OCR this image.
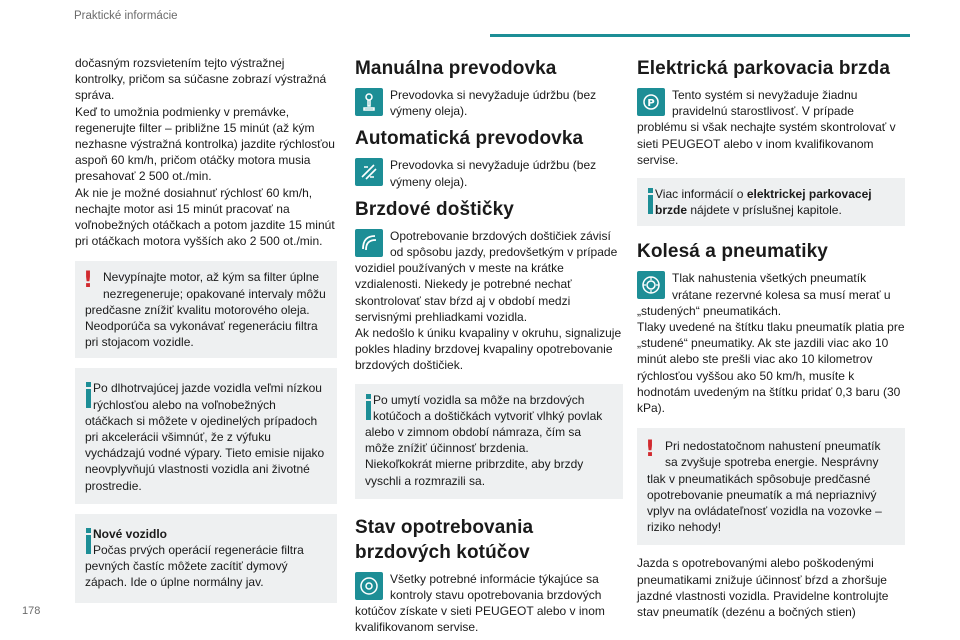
Praktické informácie

dočasným rozsvietením tejto výstražnej kontrolky, pričom sa súčasne zobrazí výstražná správa.

Keď to umožnia podmienky v premávke, regenerujte filter – približne 15 minút (až kým nezhasne výstražná kontrolka) jazdite rýchlosťou aspoň 60 km/h, pričom otáčky motora musia presahovať 2 500 ot./min.

Ak nie je možné dosiahnuť rýchlosť 60 km/h, nechajte motor asi 15 minút pracovať na voľnobežných otáčkach a potom jazdite 15 minút pri otáčkach motora vyšších ako 2 500 ot./min.

! Nevypínajte motor, až kým sa filter úplne nezregeneruje; opakované intervaly môžu predčasne znížiť kvalitu motorového oleja.
Neodporúča sa vykonávať regeneráciu filtra pri stojacom vozidle.
Po dlhotrvajúcej jazde vozidla veľmi nízkou rýchlosťou alebo na voľnobežných otáčkach si môžete v ojedinelých prípadoch pri akcelerácii všimnúť, že z výfuku vychádzajú vodné výpary. Tieto emisie nijako neovplyvňujú vlastnosti vozidla ani životné prostredie.
Nové vozidlo
Počas prvých operácií regenerácie filtra pevných častíc môžete zacítiť dymový zápach. Ide o úplne normálny jav.
Manuálna prevodovka

Prevodovka si nevyžaduje údržbu (bez výmeny oleja).

Automatická prevodovka

Prevodovka si nevyžaduje údržbu (bez výmeny oleja).

Brzdové doštičky

Opotrebovanie brzdových doštičiek závisí od spôsobu jazdy, predovšetkým v prípade vozidiel používaných v meste na krátke vzdialenosti. Niekedy je potrebné nechať skontrolovať stav bŕzd aj v období medzi servisnými prehliadkami vozidla.

Ak nedošlo k úniku kvapaliny v okruhu, signalizuje pokles hladiny brzdovej kvapaliny opotrebovanie brzdových doštičiek.

Po umytí vozidla sa môže na brzdových kotúčoch a doštičkách vytvoriť vlhký povlak alebo v zimnom období námraza, čím sa môže znížiť účinnosť brzdenia.
Niekoľkokrát mierne pribrzdite, aby brzdy vyschli a rozmrazili sa.
Stav opotrebovania
brzdových kotúčov

Všetky potrebné informácie týkajúce sa kontroly stavu opotrebovania brzdových kotúčov získate v sieti PEUGEOT alebo v inom kvalifikovanom servise.

Elektrická parkovacia brzda
P

Tento systém si nevyžaduje žiadnu pravidelnú starostlivosť. V prípade problému si však nechajte systém skontrolovať v sieti PEUGEOT alebo v inom kvalifikovanom servise.

Viac informácií o elektrickej parkovacej brzde nájdete v príslušnej kapitole.
Kolesá a pneumatiky

Tlak nahustenia všetkých pneumatík vrátane rezervné kolesa sa musí merať u „studených“ pneumatikách.

Tlaky uvedené na štítku tlaku pneumatík platia pre „studené“ pneumatiky. Ak ste jazdili viac ako 10 minút alebo ste prešli viac ako 10 kilometrov rýchlosťou vyššou ako 50 km/h, musíte k hodnotám uvedeným na štítku pridať 0,3 baru (30 kPa).

! Pri nedostatočnom nahustení pneumatík sa zvyšuje spotreba energie. Nesprávny tlak v pneumatikách spôsobuje predčasné opotrebovanie pneumatík a má nepriaznivý vplyv na ovládateľnosť vozidla na vozovke – riziko nehody!

Jazda s opotrebovanými alebo poškodenými pneumatikami znižuje účinnosť bŕzd a zhoršuje jazdné vlastnosti vozidla. Pravidelne kontrolujte stav pneumatík (dezénu a bočných stien)

178
